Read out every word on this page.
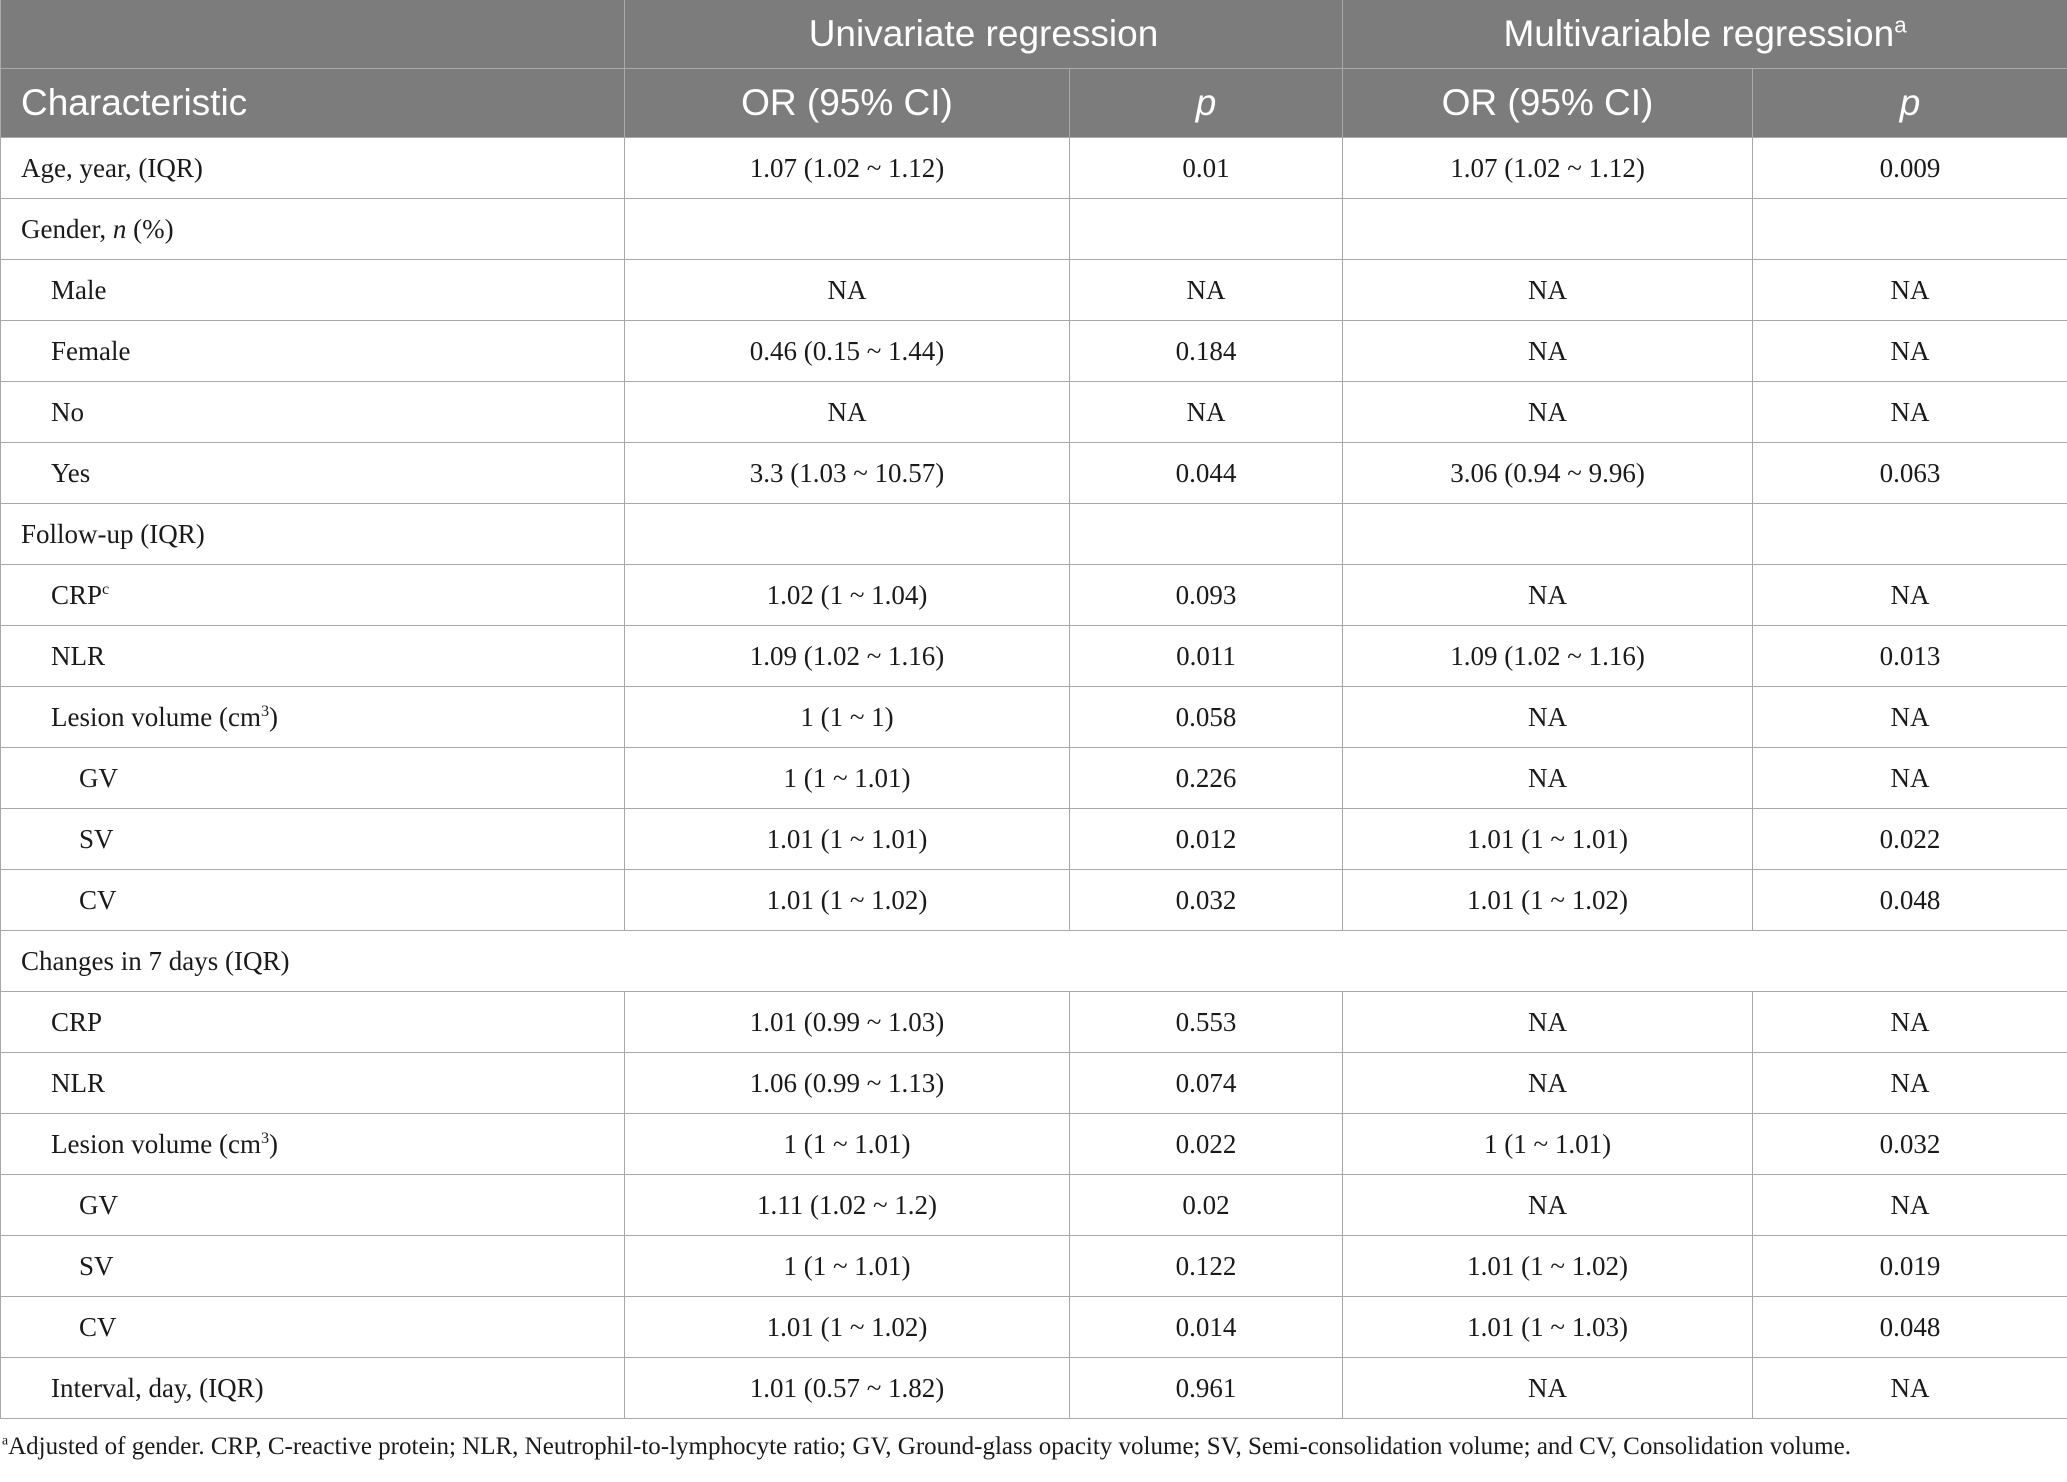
	Univariate regression		Multivariable regression$^a$
Characteristic	OR (95% CI)	p	OR (95% CI)	p
Age, year, (IQR)	1.07 (1.02 ~ 1.12)	0.01	1.07 (1.02 ~ 1.12)	0.009
Gender, n (%)				
Male	NA	NA	NA	NA
Female	0.46 (0.15 ~ 1.44)	0.184	NA	NA
No	NA	NA	NA	NA
Yes	3.3 (1.03 ~ 10.57)	0.044	3.06 (0.94 ~ 9.96)	0.063
Follow-up (IQR)				
CRP$^c$	1.02 (1 ~ 1.04)	0.093	NA	NA
NLR	1.09 (1.02 ~ 1.16)	0.011	1.09 (1.02 ~ 1.16)	0.013
Lesion volume $(cm^3)$	1 (1 ~ 1)	0.058	NA	NA
GV	1 (1 ~ 1.01)	0.226	NA	NA
SV	1.01 (1 ~ 1.01)	0.012	1.01 (1 ~ 1.01)	0.022
CV	1.01 (1 ~ 1.02)	0.032	1.01 (1 ~ 1.02)	0.048
Changes in 7 days (IQR)				
CRP	1.01 (0.99 ~ 1.03)	0.553	NA	NA
NLR	1.06 (0.99 ~ 1.13)	0.074	NA	NA
Lesion volume $(cm^3)$	1 (1 ~ 1.01)	0.022	1 (1 ~ 1.01)	0.032
GV	1.11 (1.02 ~ 1.2)	0.02	NA	NA
SV	1 (1 ~ 1.01)	0.122	1.01 (1 ~ 1.02)	0.019
CV	1.01 (1 ~ 1.02)	0.014	1.01 (1 ~ 1.03)	0.048
Interval, day, (IQR)	1.01 (0.57 ~ 1.82)	0.961	NA	NA
$^a$Adjusted of gender. CRP, C-reactive protein; NLR, Neutrophil-to-lymphocyte ratio; GV, Ground-glass opacity volume; SV, Semi-consolidation volume; and CV, Consolidation volume.
